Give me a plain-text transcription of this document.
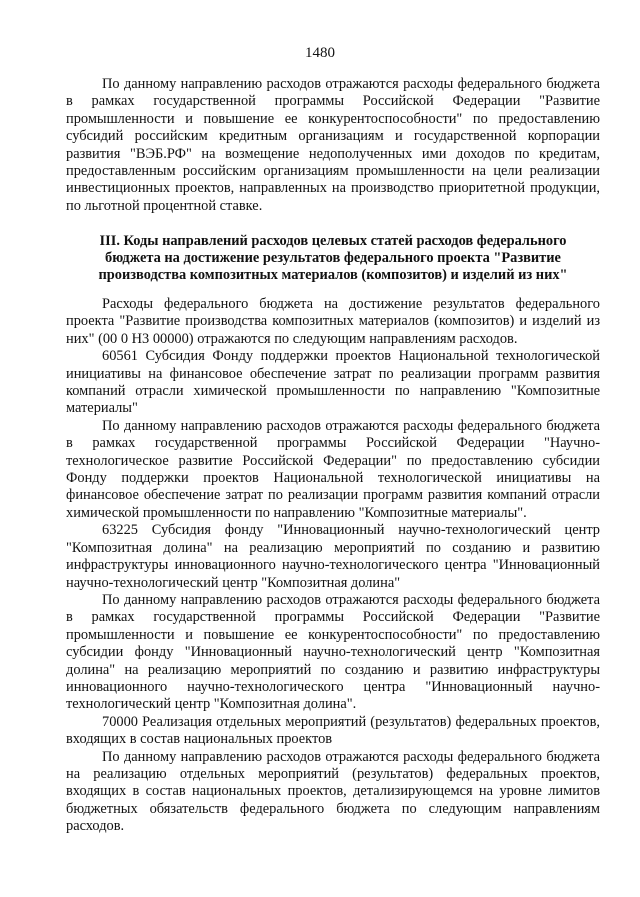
1480

По данному направлению расходов отражаются расходы федерального бюджета в рамках государственной программы Российской Федерации "Развитие промышленности и повышение ее конкурентоспособности" по предоставлению субсидий российским кредитным организациям и государственной корпорации развития "ВЭБ.РФ" на возмещение недополученных ими доходов по кредитам, предоставленным российским организациям промышленности на цели реализации инвестиционных проектов, направленных на производство приоритетной продукции, по льготной процентной ставке.

III. Коды направлений расходов целевых статей расходов федерального бюджета на достижение результатов федерального проекта "Развитие производства композитных материалов (композитов) и изделий из них"

Расходы федерального бюджета на достижение результатов федерального проекта "Развитие производства композитных материалов (композитов) и изделий из них" (00 0 Н3 00000) отражаются по следующим направлениям расходов.

60561 Субсидия Фонду поддержки проектов Национальной технологической инициативы на финансовое обеспечение затрат по реализации программ развития компаний отрасли химической промышленности по направлению "Композитные материалы"

По данному направлению расходов отражаются расходы федерального бюджета в рамках государственной программы Российской Федерации "Научно-технологическое развитие Российской Федерации" по предоставлению субсидии Фонду поддержки проектов Национальной технологической инициативы на финансовое обеспечение затрат по реализации программ развития компаний отрасли химической промышленности по направлению "Композитные материалы".

63225 Субсидия фонду "Инновационный научно-технологический центр "Композитная долина" на реализацию мероприятий по созданию и развитию инфраструктуры инновационного научно-технологического центра "Инновационный научно-технологический центр "Композитная долина"

По данному направлению расходов отражаются расходы федерального бюджета в рамках государственной программы Российской Федерации "Развитие промышленности и повышение ее конкурентоспособности" по предоставлению субсидии фонду "Инновационный научно-технологический центр "Композитная долина" на реализацию мероприятий по созданию и развитию инфраструктуры инновационного научно-технологического центра "Инновационный научно-технологический центр "Композитная долина".

70000 Реализация отдельных мероприятий (результатов) федеральных проектов, входящих в состав национальных проектов

По данному направлению расходов отражаются расходы федерального бюджета на реализацию отдельных мероприятий (результатов) федеральных проектов, входящих в состав национальных проектов, детализирующемся на уровне лимитов бюджетных обязательств федерального бюджета по следующим направлениям расходов.
